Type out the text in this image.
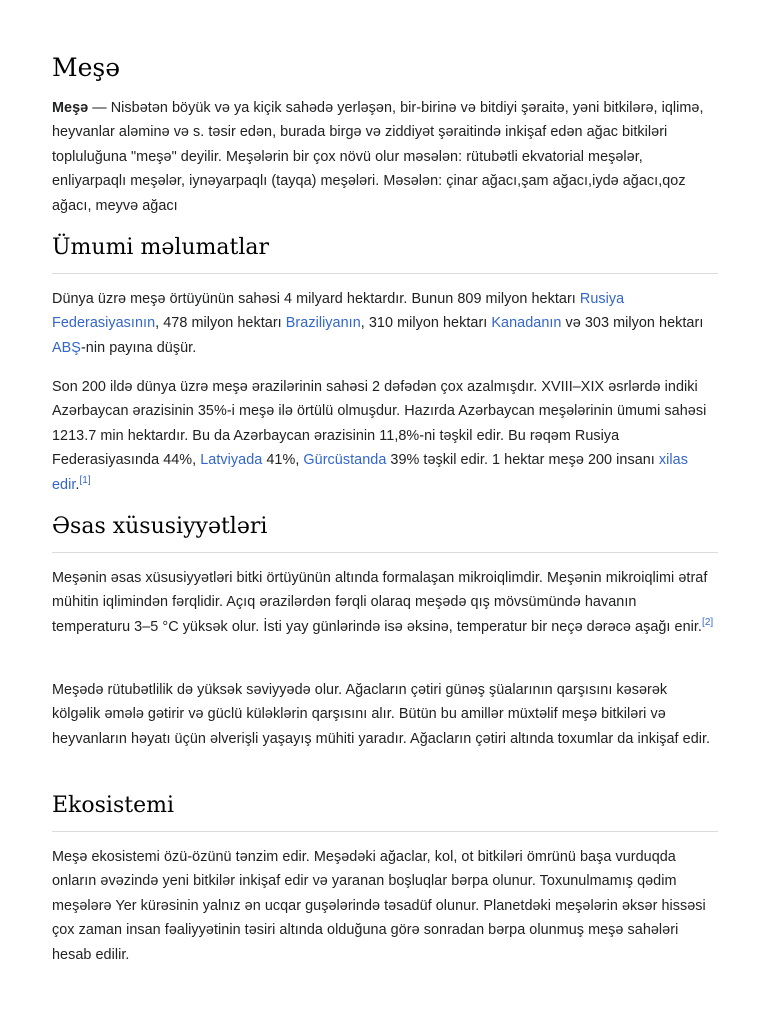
Meşə

Meşə — Nisbətən böyük və ya kiçik sahədə yerləşən, bir-birinə və bitdiyi şəraitə, yəni bitkilərə, iqlimə, heyvanlar aləminə və s. təsir edən, burada birgə və ziddiyət şəraitində inkişaf edən ağac bitkiləri topluluğuna "meşə" deyilir. Meşələrin bir çox növü olur məsələn: rütubətli ekvatorial meşələr, enliyarpaqlı meşələr, iynəyarpaqlı (tayqa) meşələri. Məsələn: çinar ağacı,şam ağacı,iydə ağacı,qoz ağacı, meyvə ağacı

Ümumi məlumatlar

Dünya üzrə meşə örtüyünün sahəsi 4 milyard hektardır. Bunun 809 milyon hektarı Rusiya Federasiyasının, 478 milyon hektarı Braziliyanın, 310 milyon hektarı Kanadanın və 303 milyon hektarı ABŞ-nin payına düşür.

Son 200 ildə dünya üzrə meşə ərazilərinin sahəsi 2 dəfədən çox azalmışdır. XVIII–XIX əsrlərdə indiki Azərbaycan ərazisinin 35%-i meşə ilə örtülü olmuşdur. Hazırda Azərbaycan meşələrinin ümumi sahəsi 1213.7 min hektardır. Bu da Azərbaycan ərazisinin 11,8%-ni təşkil edir. Bu rəqəm Rusiya Federasiyasında 44%, Latviyada 41%, Gürcüstanda 39% təşkil edir. 1 hektar meşə 200 insanı xilas edir.[1]

Əsas xüsusiyyətləri

Meşənin əsas xüsusiyyətləri bitki örtüyünün altında formalaşan mikroiqlimdir. Meşənin mikroiqlimi ətraf mühitin iqlimindən fərqlidir. Açıq ərazilərdən fərqli olaraq meşədə qış mövsümündə havanın temperaturu 3–5 °C yüksək olur. İsti yay günlərində isə əksinə, temperatur bir neçə dərəcə aşağı enir.[2]

Meşədə rütubətlilik də yüksək səviyyədə olur. Ağacların çətiri günəş şüalarının qarşısını kəsərək kölgəlik əmələ gətirir və güclü küləklərin qarşısını alır. Bütün bu amillər müxtəlif meşə bitkiləri və heyvanların həyatı üçün əlverişli yaşayış mühiti yaradır. Ağacların çətiri altında toxumlar da inkişaf edir.

Ekosistemi

Meşə ekosistemi özü-özünü tənzim edir. Meşədəki ağaclar, kol, ot bitkiləri ömrünü başa vurduqda onların əvəzində yeni bitkilər inkişaf edir və yaranan boşluqlar bərpa olunur. Toxunulmamış qədim meşələrə Yer kürəsinin yalnız ən ucqar guşələrində təsadüf olunur. Planetdəki meşələrin əksər hissəsi çox zaman insan fəaliyyətinin təsiri altında olduğuna görə sonradan bərpa olunmuş meşə sahələri hesab edilir.
